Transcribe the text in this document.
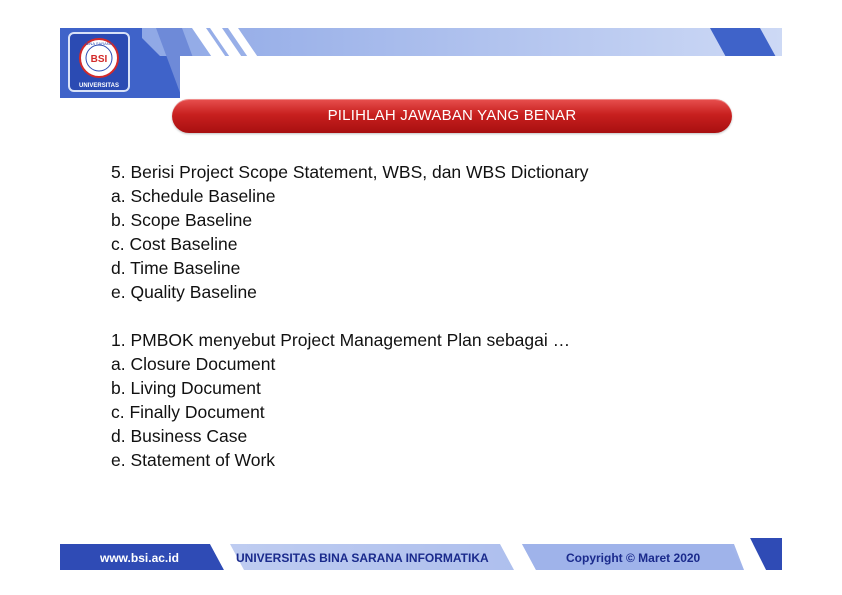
BSI
BINA SARANA
UNIVERSITAS
PILIHLAH JAWABAN YANG BENAR
5. Berisi Project Scope Statement, WBS, dan WBS Dictionary
a. Schedule Baseline
b. Scope Baseline
c. Cost Baseline
d. Time Baseline
e. Quality Baseline
1. PMBOK menyebut Project Management Plan sebagai …
a. Closure Document
b. Living Document
c. Finally Document
d. Business Case
e. Statement of Work
www.bsi.ac.id	UNIVERSITAS BINA SARANA INFORMATIKA	Copyright © Maret 2020
